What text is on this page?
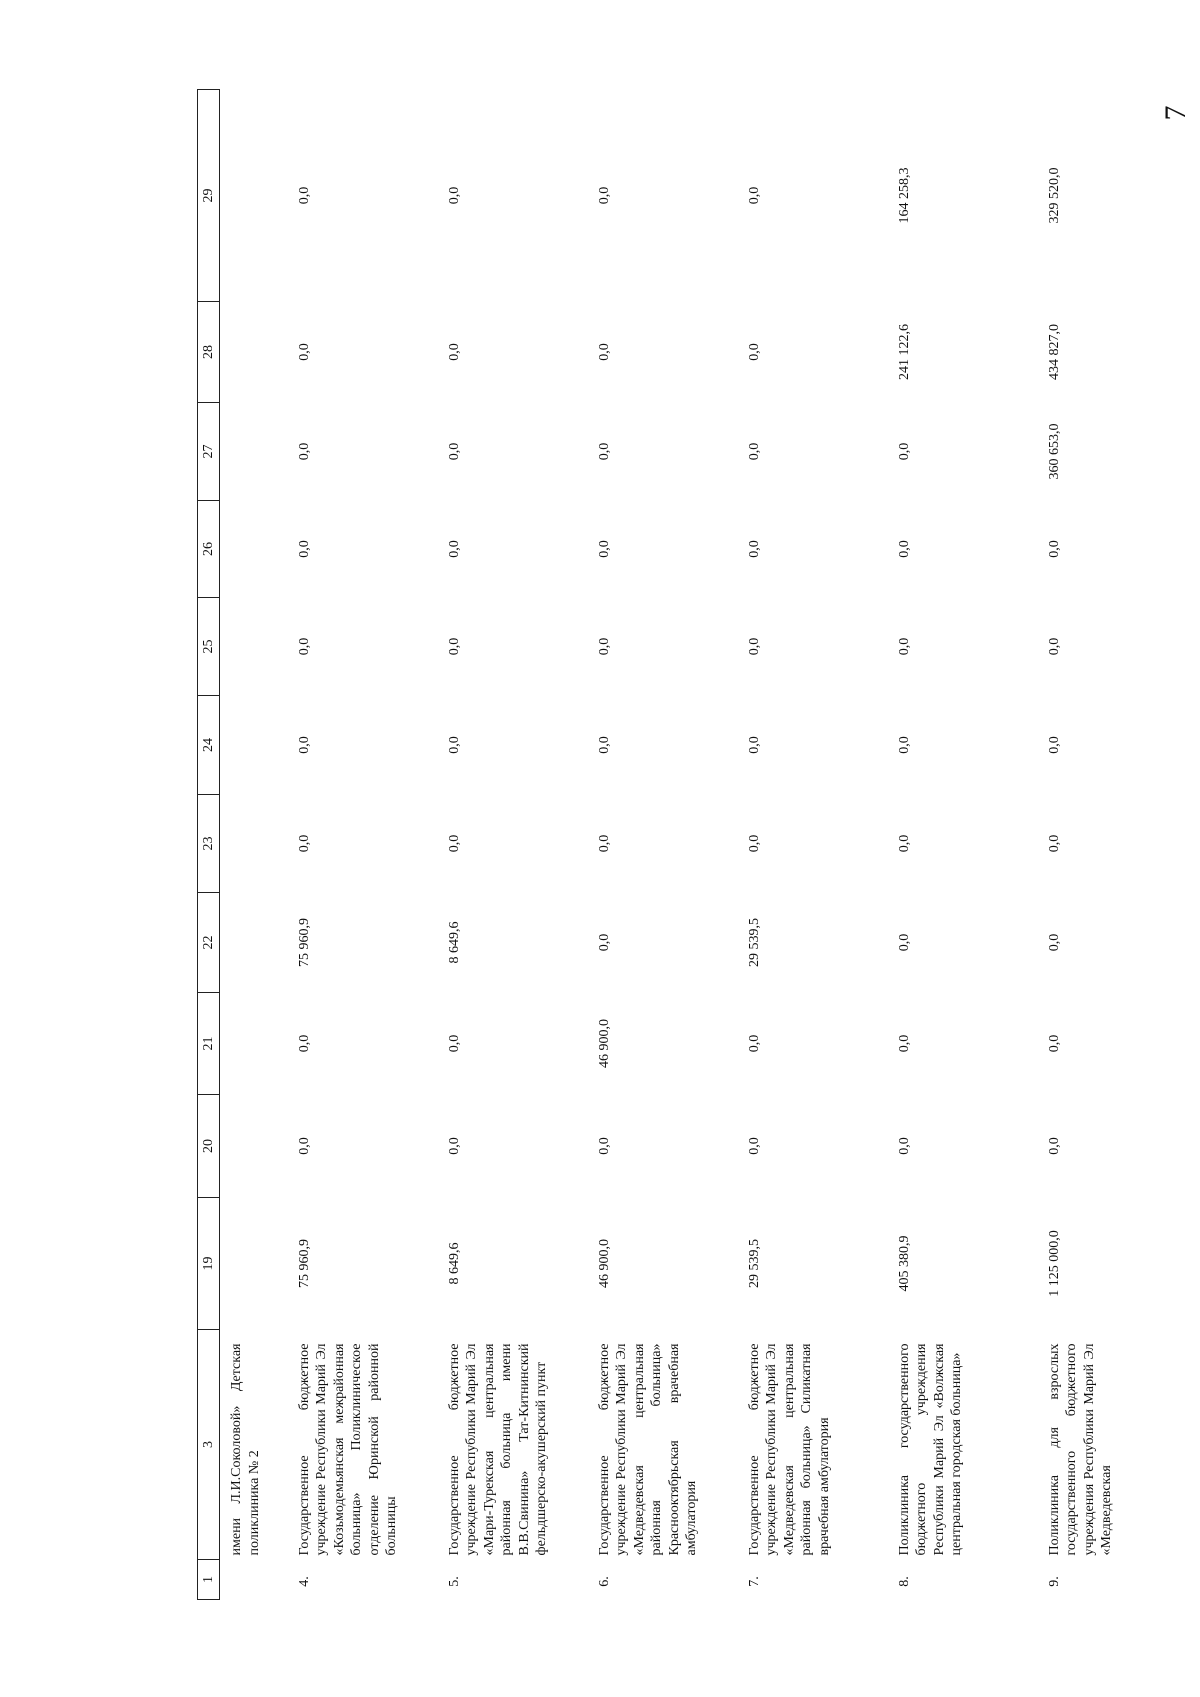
7
1	3	19	20	21	22	23	24	25	26	27	28	29
	имени Л.И.Соколовой» Детская поликлиника № 2											
4.	Государственное бюджетное учреждение Республики Марий Эл «Козьмодемьянская межрайонная больница» Поликлиническое отделение Юринской районной больницы	75 960,9	0,0	0,0	75 960,9	0,0	0,0	0,0	0,0	0,0	0,0	0,0
5.	Государственное бюджетное учреждение Республики Марий Эл «Мари-Турекская центральная районная больница имени В.В.Свинина» Тат-Китнинский фельдшерско-акушерский пункт	8 649,6	0,0	0,0	8 649,6	0,0	0,0	0,0	0,0	0,0	0,0	0,0
6.	Государственное бюджетное учреждение Республики Марий Эл «Медведевская центральная районная больница» Краснооктябрьская врачебная амбулатория	46 900,0	0,0	46 900,0	0,0	0,0	0,0	0,0	0,0	0,0	0,0	0,0
7.	Государственное бюджетное учреждение Республики Марий Эл «Медведевская центральная районная больница» Силикатная врачебная амбулатория	29 539,5	0,0	0,0	29 539,5	0,0	0,0	0,0	0,0	0,0	0,0	0,0
8.	Поликлиника государственного бюджетного учреждения Республики Марий Эл «Волжская центральная городская больница»	405 380,9	0,0	0,0	0,0	0,0	0,0	0,0	0,0	0,0	241 122,6	164 258,3
9.	Поликлиника для взрослых государственного бюджетного учреждения Республики Марий Эл «Медведевская	1 125 000,0	0,0	0,0	0,0	0,0	0,0	0,0	0,0	360 653,0	434 827,0	329 520,0
